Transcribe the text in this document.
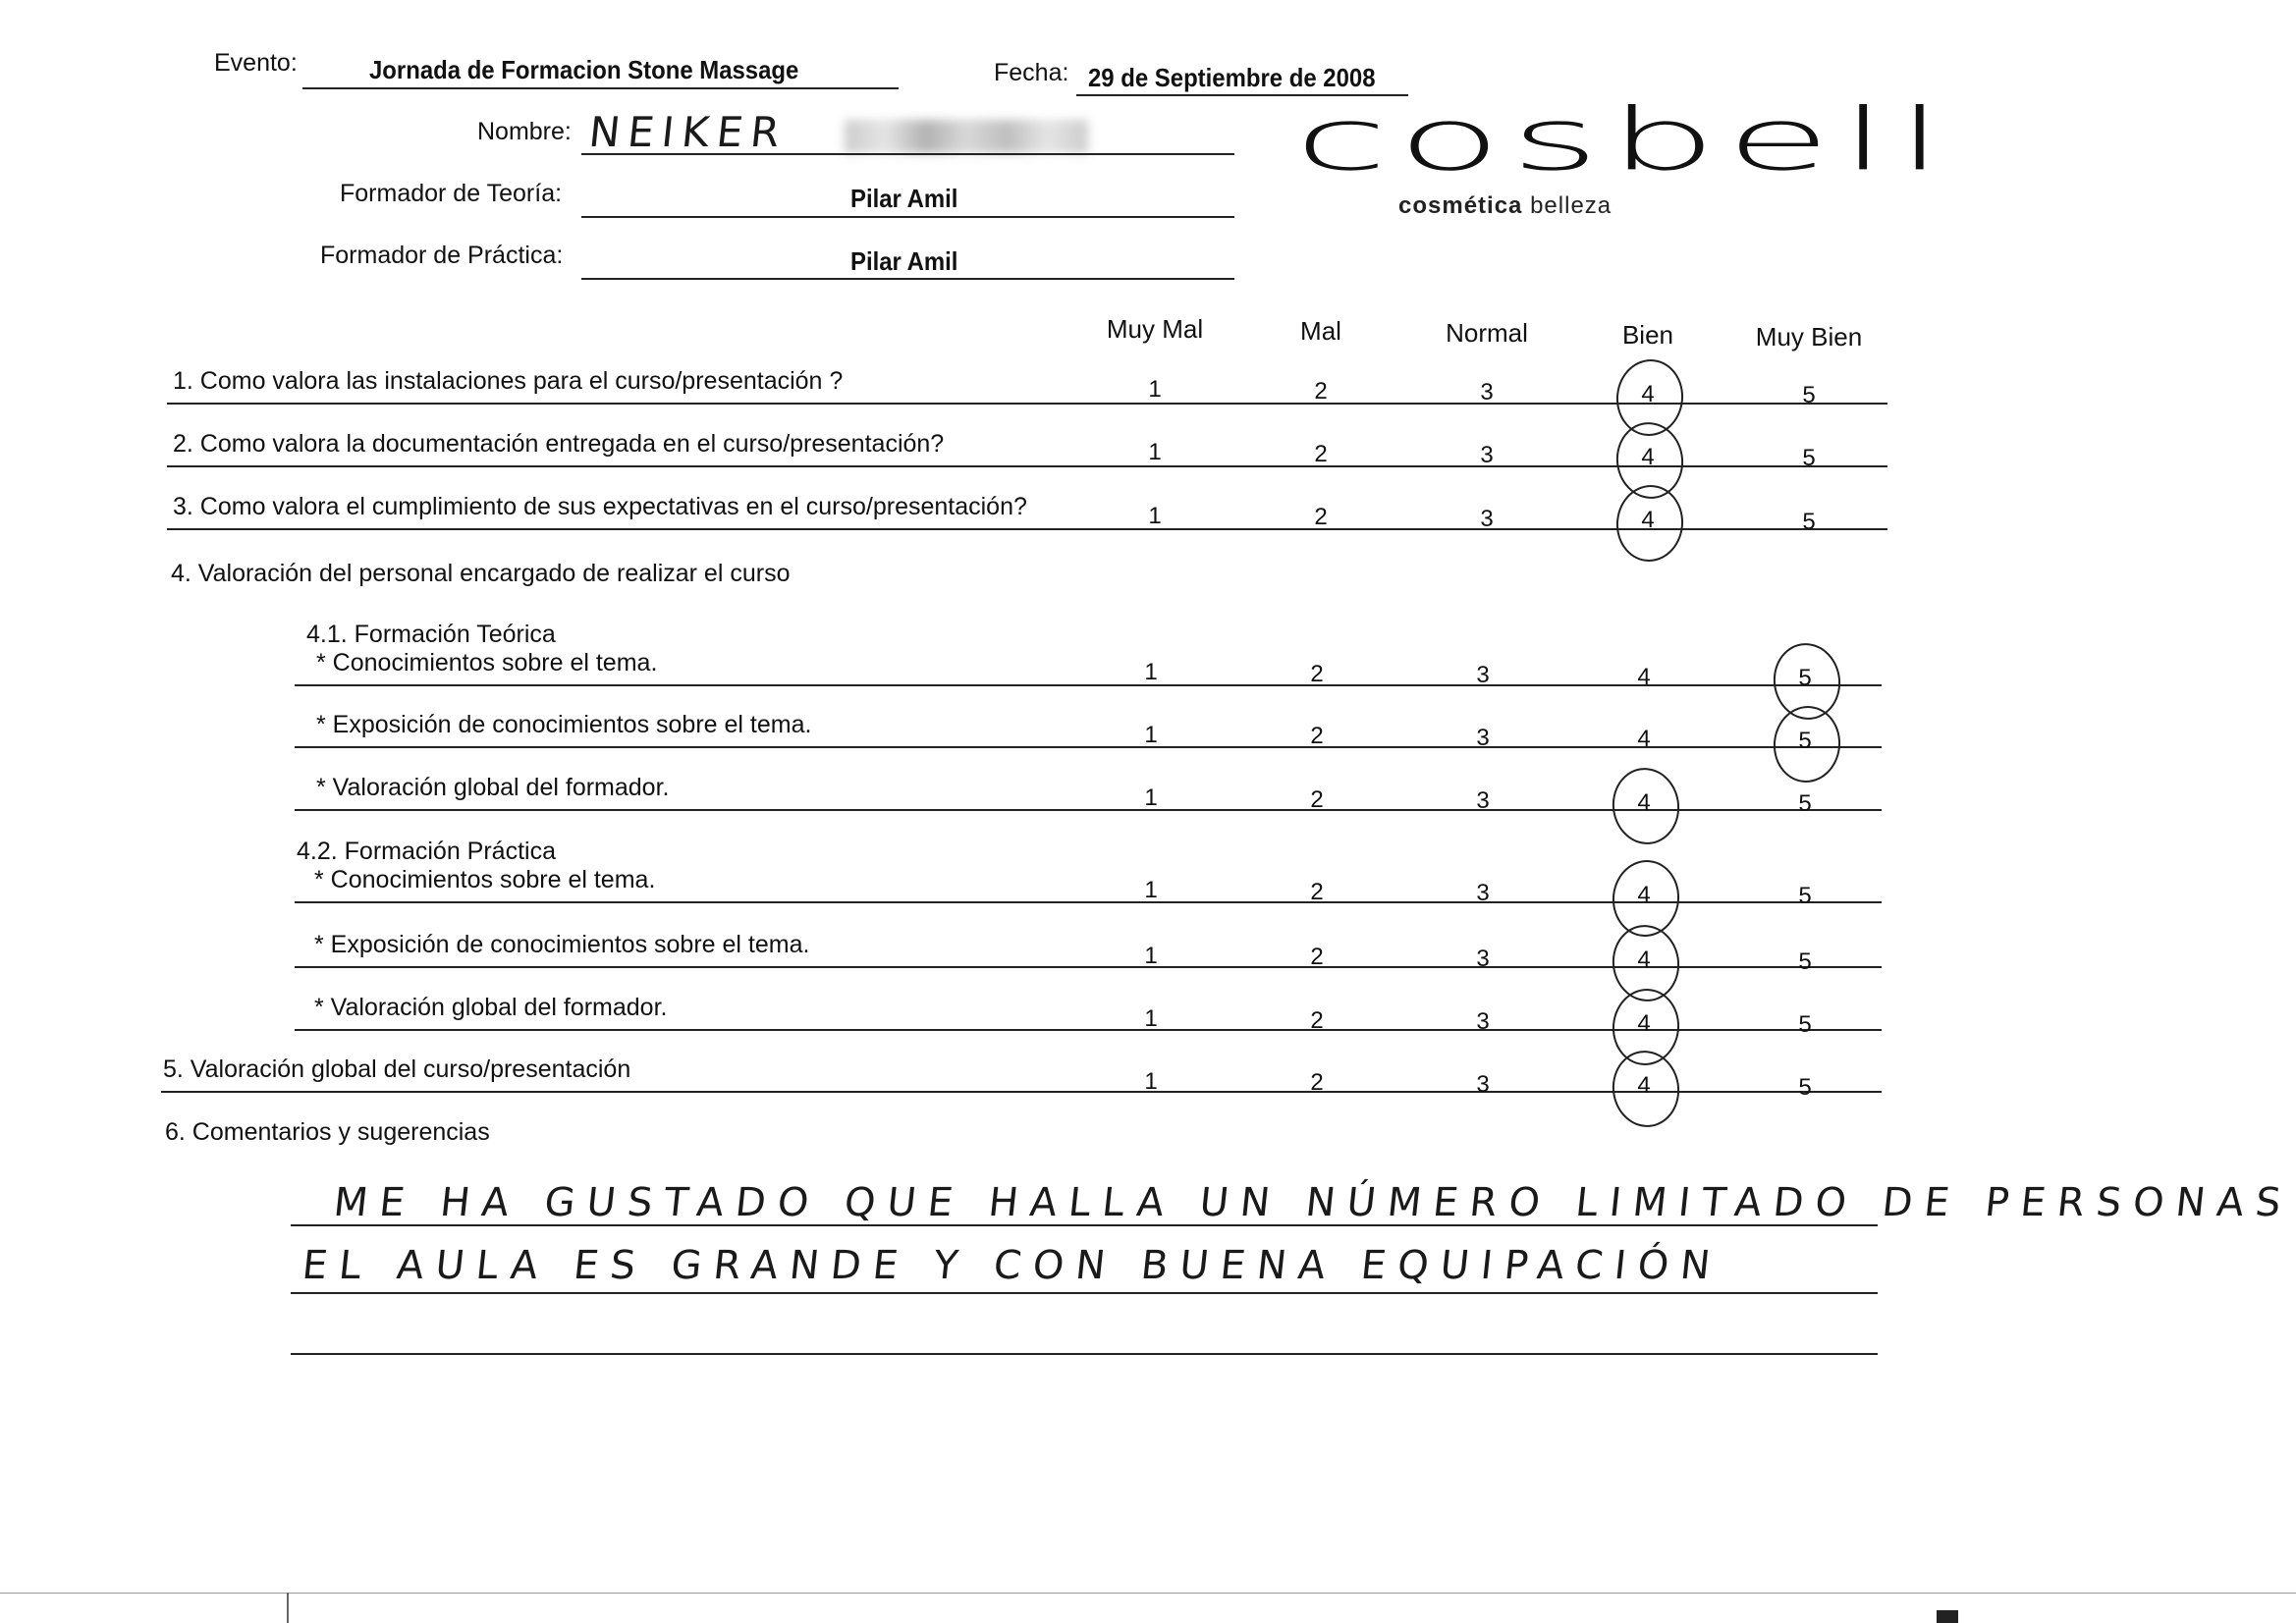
Evento:	Jornada de Formacion Stone Massage	Fecha: 29 de Septiembre de 2008
Nombre: NEIKER
Formador de Teoría:	Pilar Amil
Formador de Práctica:	Pilar Amil
cosbell
cosmética belleza
Muy Mal	Mal	Normal	Bien	Muy Bien
1. Como valora las instalaciones para el curso/presentación ?	1	2	3	4	5
2. Como valora la documentación entregada en el curso/presentación?	1	2	3	4	5
3. Como valora el cumplimiento de sus expectativas en el curso/presentación?	1	2	3	4	5
* Conocimientos sobre el tema.	1	2	3	4	5
* Exposición de conocimientos sobre el tema.	1	2	3	4	5
* Valoración global del formador.	1	2	3	4	5
* Conocimientos sobre el tema.	1	2	3	4	5
* Exposición de conocimientos sobre el tema.	1	2	3	4	5
* Valoración global del formador.	1	2	3	4	5
5. Valoración global del curso/presentación	1	2	3	4	5
4. Valoración del personal encargado de realizar el curso
4.1. Formación Teórica
4.2. Formación Práctica
6. Comentarios y sugerencias
ME HA GUSTADO QUE HALLA UN NÚMERO LIMITADO DE PERSONAS
EL AULA ES GRANDE Y CON BUENA EQUIPACIÓN
